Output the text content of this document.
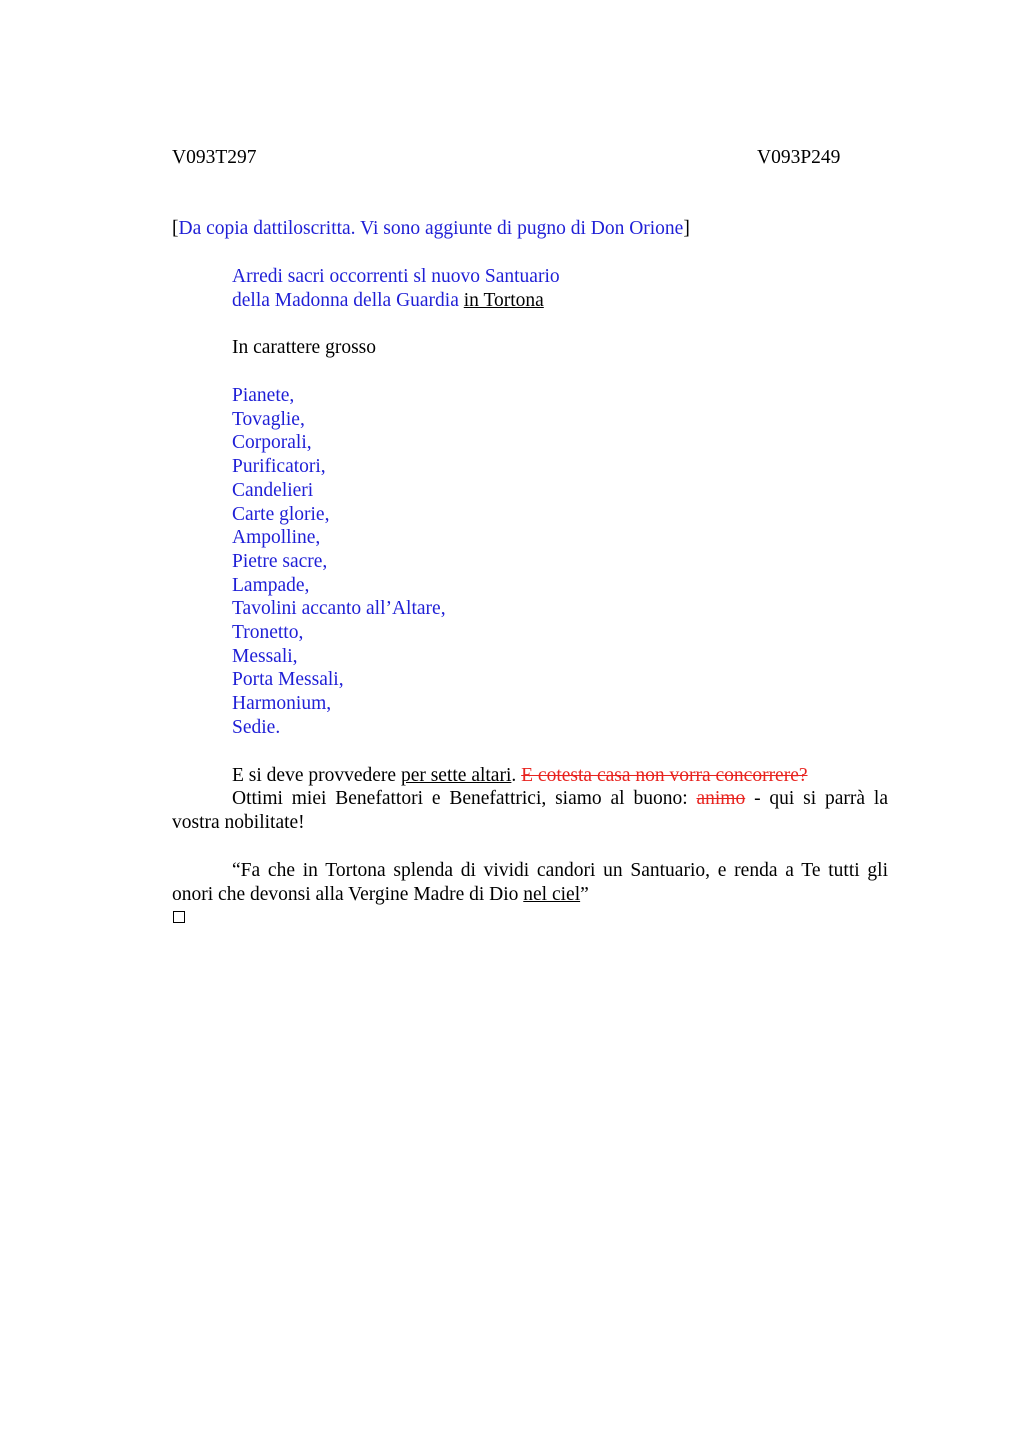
V093T297	V093P249
[Da copia dattiloscritta. Vi sono aggiunte di pugno di Don Orione]
Arredi sacri occorrenti sl nuovo Santuario
della Madonna della Guardia in Tortona
In carattere grosso
Pianete,
Tovaglie,
Corporali,
Purificatori,
Candelieri
Carte glorie,
Ampolline,
Pietre sacre,
Lampade,
Tavolini accanto all’Altare,
Tronetto,
Messali,
Porta Messali,
Harmonium,
Sedie.
E si deve provvedere per sette altari. E cotesta casa non vorra concorrere?
Ottimi miei Benefattori e Benefattrici, siamo al buono: animo - qui si parrà la vostra nobilitate!
“Fa che in Tortona splenda di vividi candori un Santuario, e renda a Te tutti gli onori che devonsi alla Vergine Madre di Dio nel ciel”
